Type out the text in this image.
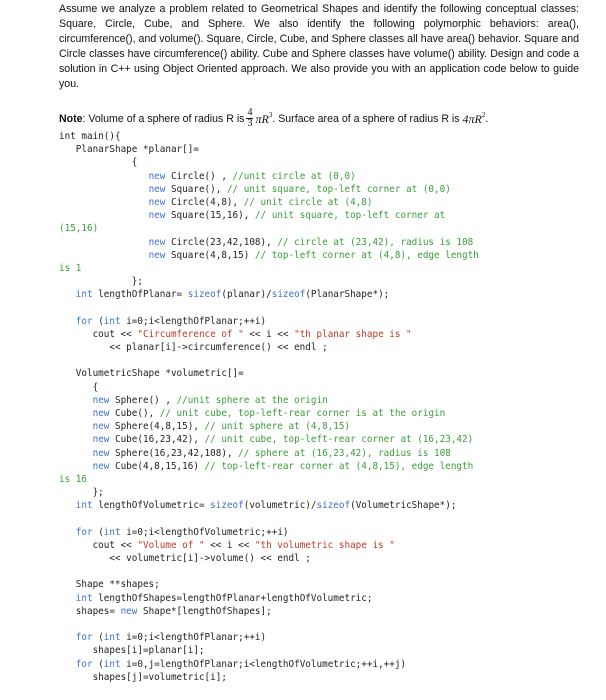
Assume we analyze a problem related to Geometrical Shapes and identify the following conceptual classes: Square, Circle, Cube, and Sphere. We also identify the following polymorphic behaviors: area(), circumference(), and volume(). Square, Circle, Cube, and Sphere classes all have area() behavior. Square and Circle classes have circumference() ability. Cube and Sphere classes have volume() ability. Design and code a solution in C++ using Object Oriented approach. We also provide you with an application code below to guide you.

Note : Volume of a sphere of radius R is $\frac{4}{3} \pi R^3$ . Surface area of a sphere of radius R is
$4\pi R^2$ .
int main(){
PlanarShape *planar[]=
{
new Circle() , //unit circle at (0,0)
new Square(), // unit square, top-left corner at (0,0)
new Circle(4,8), // unit circle at (4,8)
new Square(15,16), // unit square, top-left corner at
(15,16)
new Circle(23,42,108), // circle at (23,42), radius is 108
new Square(4,8,15) // top-left corner at (4,8), edge length
is 1
};
int lengthOfPlanar= sizeof(planar)/sizeof(PlanarShape*);
for (int i=0;i<lengthOfPlanar;++i)
cout << "Circumference of " << i << "th planar shape is "
<< planar[i]->circumference() << endl ;
VolumetricShape *volumetric[]=
{
new Sphere() , //unit sphere at the origin
new Cube(), // unit cube, top-left-rear corner is at the origin
new Sphere(4,8,15), // unit sphere at (4,8,15)
new Cube(16,23,42), // unit cube, top-left-rear corner at (16,23,42)
new Sphere(16,23,42,108), // sphere at (16,23,42), radius is 108
new Cube(4,8,15,16) // top-left-rear corner at (4,8,15), edge length
is 16
};
int lengthOfVolumetric= sizeof(volumetric)/sizeof(VolumetricShape*);
for (int i=0;i<lengthOfVolumetric;++i)
cout << "Volume of " << i << "th volumetric shape is "
<< volumetric[i]->volume() << endl ;
Shape **shapes;
int lengthOfShapes=lengthOfPlanar+lengthOfVolumetric;
shapes= new Shape*[lengthOfShapes];
for (int i=0;i<lengthOfPlanar;++i)
shapes[i]=planar[i];
for (int i=0,j=lengthOfPlanar;i<lengthOfVolumetric;++i,++j)
shapes[j]=volumetric[i];
